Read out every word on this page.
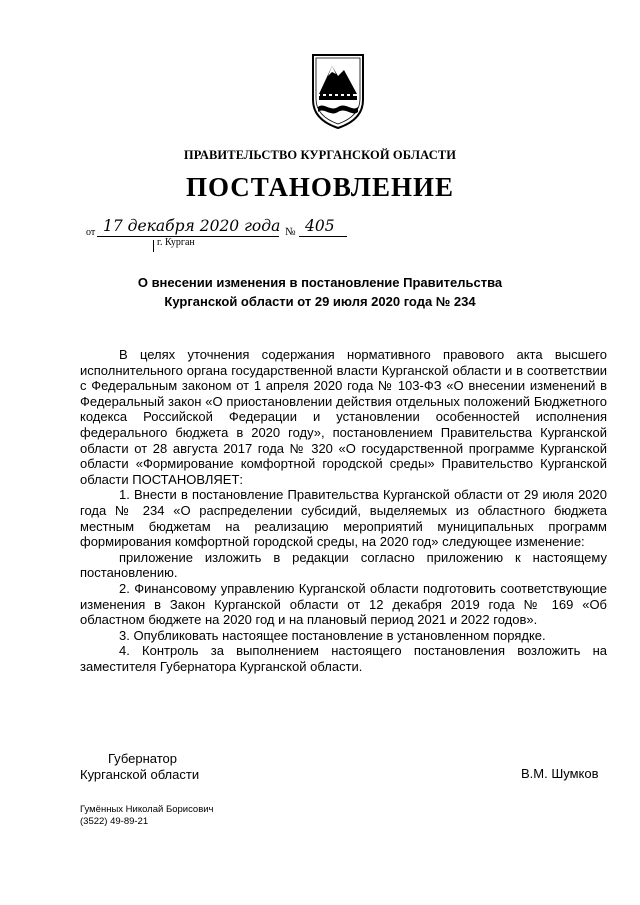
ПРАВИТЕЛЬСТВО КУРГАНСКОЙ ОБЛАСТИ
ПОСТАНОВЛЕНИЕ
от 17 декабря 2020 года № 405
г. Курган
О внесении изменения в постановление Правительства
Курганской области от 29 июля 2020 года № 234

В целях уточнения содержания нормативного правового акта высшего исполнительного органа государственной власти Курганской области и в соответствии с Федеральным законом от 1 апреля 2020 года № 103-ФЗ «О внесении изменений в Федеральный закон «О приостановлении действия отдельных положений Бюджетного кодекса Российской Федерации и установлении особенностей исполнения федерального бюджета в 2020 году», постановлением Правительства Курганской области от 28 августа 2017 года № 320 «О государственной программе Курганской области «Формирование комфортной городской среды» Правительство Курганской области ПОСТАНОВЛЯЕТ:

1. Внести в постановление Правительства Курганской области от 29 июля 2020 года № 234 «О распределении субсидий, выделяемых из областного бюджета местным бюджетам на реализацию мероприятий муниципальных программ формирования комфортной городской среды, на 2020 год» следующее изменение:

приложение изложить в редакции согласно приложению к настоящему постановлению.

2. Финансовому управлению Курганской области подготовить соответствующие изменения в Закон Курганской области от 12 декабря 2019 года № 169 «Об областном бюджете на 2020 год и на плановый период 2021 и 2022 годов».

3. Опубликовать настоящее постановление в установленном порядке.

4. Контроль за выполнением настоящего постановления возложить на заместителя Губернатора Курганской области.

Губернатор
Курганской области	В.М. Шумков
Гумённых Николай Борисович
(3522) 49-89-21
